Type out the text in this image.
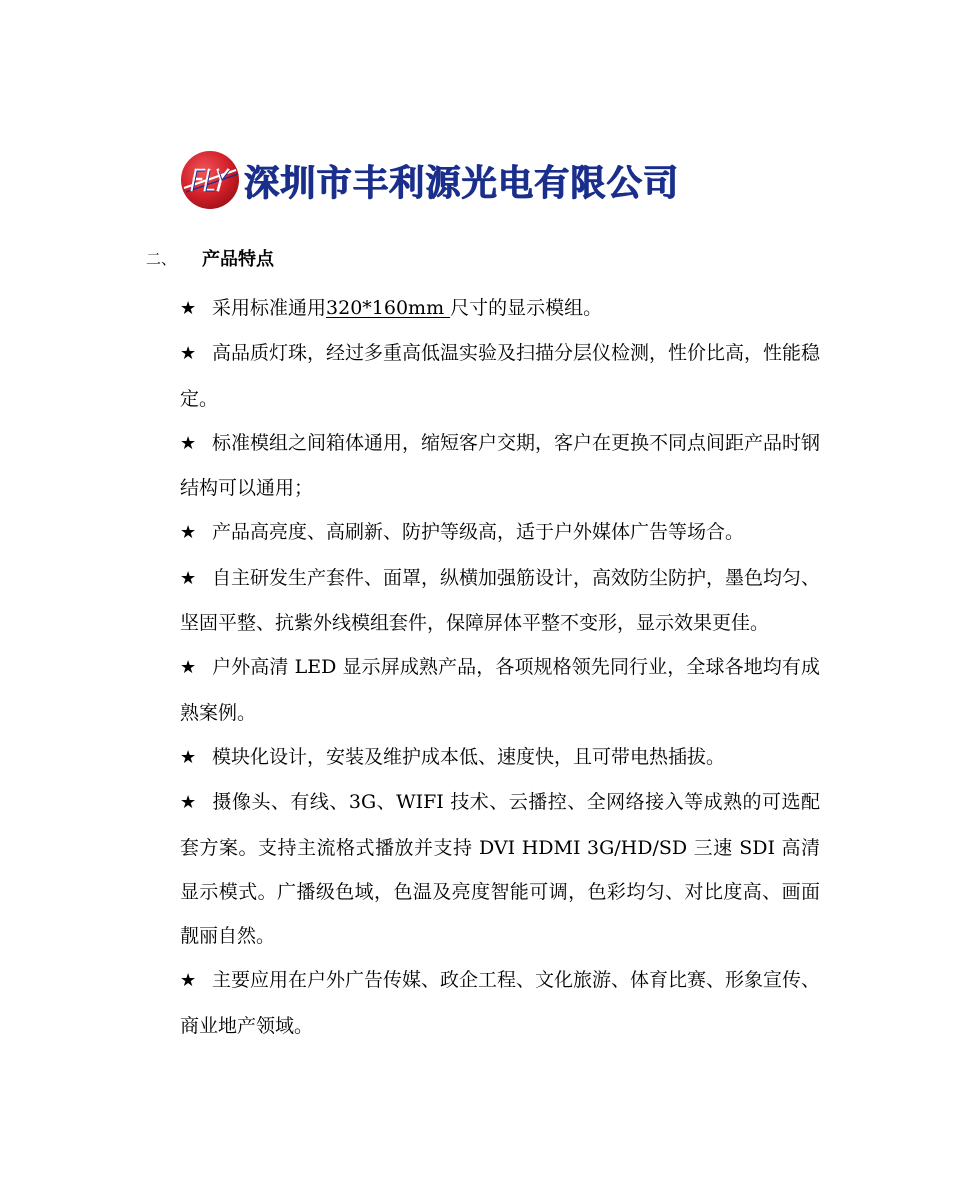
深圳市丰利源光电有限公司
二、	产品特点
★ 采用标准通用320*160mm 尺寸的显示模组。
★ 高品质灯珠，经过多重高低温实验及扫描分层仪检测，性价比高，性能稳定。
★ 标准模组之间箱体通用，缩短客户交期，客户在更换不同点间距产品时钢结构可以通用；
★ 产品高亮度、高刷新、防护等级高，适于户外媒体广告等场合。
★ 自主研发生产套件、面罩，纵横加强筋设计，高效防尘防护，墨色均匀、坚固平整、抗紫外线模组套件，保障屏体平整不变形，显示效果更佳。
★ 户外高清 LED 显示屏成熟产品，各项规格领先同行业，全球各地均有成熟案例。
★ 模块化设计，安装及维护成本低、速度快，且可带电热插拔。
★ 摄像头、有线、3G、WIFI 技术、云播控、全网络接入等成熟的可选配套方案。支持主流格式播放并支持 DVI HDMI 3G/HD/SD 三速 SDI 高清显示模式。广播级色域，色温及亮度智能可调，色彩均匀、对比度高、画面靓丽自然。
★ 主要应用在户外广告传媒、政企工程、文化旅游、体育比赛、形象宣传、商业地产领域。
